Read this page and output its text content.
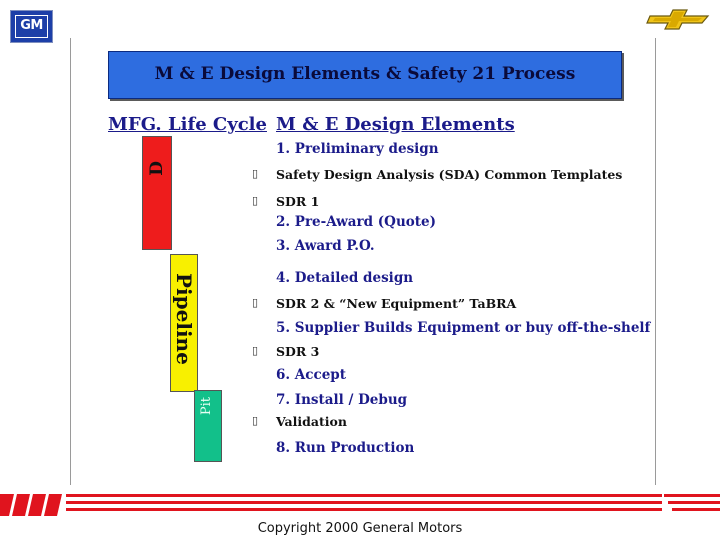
GM
M & E Design Elements & Safety 21 Process
MFG. Life Cycle M & E Design Elements
D
Pipeline
Pit
1. Preliminary design
▯ Safety Design Analysis (SDA) Common Templates
▯ SDR 1
2. Pre-Award (Quote)
3. Award P.O.
4. Detailed design
▯ SDR 2 & “New Equipment” TaBRA
5. Supplier Builds Equipment or buy off-the-shelf
▯ SDR 3
6. Accept
7. Install / Debug
▯ Validation
8. Run Production
Copyright 2000 General Motors
